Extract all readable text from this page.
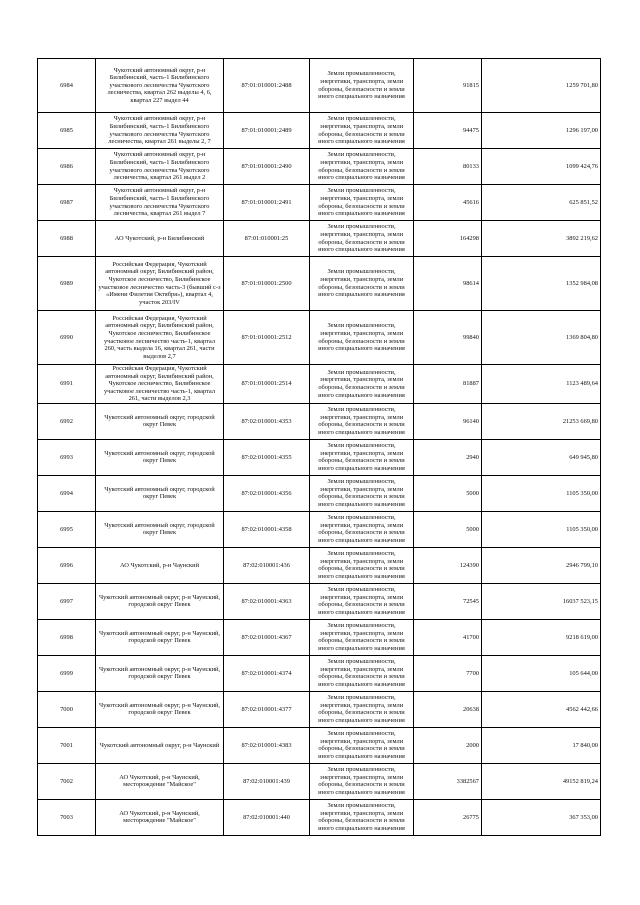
6984	Чукотский автономный округ, р-н Билибинский, часть-1 Билибинского участкового лесничества Чукотского лесничества, квартал 262 выделы 4, 6, квартал 227 выдел 44	87:01:010001:2488	Земли промышленности, энергетики, транспорта, земли обороны, безопасности и земли иного специального назначения	91815	1259 701,80
6985	Чукотский автономный округ, р-н Билибинский, часть-1 Билибинского участкового лесничества Чукотского лесничества, квартал 261 выделы 2, 7	87:01:010001:2489	Земли промышленности, энергетики, транспорта, земли обороны, безопасности и земли иного специального назначения	94475	1296 197,00
6986	Чукотский автономный округ, р-н Билибинский, часть-1 Билибинского участкового лесничества Чукотского лесничества, квартал 261 выдел 2	87:01:010001:2490	Земли промышленности, энергетики, транспорта, земли обороны, безопасности и земли иного специального назначения	80133	1099 424,76
6987	Чукотский автономный округ, р-н Билибинский, часть-1 Билибинского участкового лесничества Чукотского лесничества, квартал 261 выдел 7	87:01:010001:2491	Земли промышленности, энергетики, транспорта, земли обороны, безопасности и земли иного специального назначения	45616	625 851,52
6988	АО Чукотский, р-н Билибинский	87:01:010001:25	Земли промышленности, энергетики, транспорта, земли обороны, безопасности и земли иного специального назначения	164298	3892 219,62
6989	Российская Федерация, Чукотский автономный округ, Билибинский район, Чукотское лесничество, Билибинское участковое лесничество часть-3 (бывший с-з «Имени Филетия Октября»), квартал 4, участок 203/IV	87:01:010001:2500	Земли промышленности, энергетики, транспорта, земли обороны, безопасности и земли иного специального назначения	98614	1352 984,08
6990	Российская Федерация, Чукотский автономный округ, Билибинский район, Чукотское лесничество, Билибинское участковое лесничество часть-1, квартал 260, часть выдела 16, квартал 261, части выделов 2,7	87:01:010001:2512	Земли промышленности, энергетики, транспорта, земли обороны, безопасности и земли иного специального назначения	99840	1369 804,80
6991	Российская Федерация, Чукотский автономный округ, Билибинский район, Чукотское лесничество, Билибинское участковое лесничество часть-1, квартал 261, части выделов 2,3	87:01:010001:2514	Земли промышленности, энергетики, транспорта, земли обороны, безопасности и земли иного специального назначения	81887	1123 489,64
6992	Чукотский автономный округ, городской округ Певек	87:02:010001:4353	Земли промышленности, энергетики, транспорта, земли обороны, безопасности и земли иного специального назначения	96140	21253 669,80
6993	Чукотский автономный округ, городской округ Певек	87:02:010001:4355	Земли промышленности, энергетики, транспорта, земли обороны, безопасности и земли иного специального назначения	2940	649 945,80
6994	Чукотский автономный округ, городской округ Певек	87:02:010001:4356	Земли промышленности, энергетики, транспорта, земли обороны, безопасности и земли иного специального назначения	5000	1105 350,00
6995	Чукотский автономный округ, городской округ Певек	87:02:010001:4358	Земли промышленности, энергетики, транспорта, земли обороны, безопасности и земли иного специального назначения	5000	1105 350,00
6996	АО Чукотский, р-н Чаунский	87:02:010001:436	Земли промышленности, энергетики, транспорта, земли обороны, безопасности и земли иного специального назначения	124390	2946 799,10
6997	Чукотский автономный округ, р-н Чаунский, городской округ Певек	87:02:010001:4363	Земли промышленности, энергетики, транспорта, земли обороны, безопасности и земли иного специального назначения	72545	16037 523,15
6998	Чукотский автономный округ, р-н Чаунский, городской округ Певек	87:02:010001:4367	Земли промышленности, энергетики, транспорта, земли обороны, безопасности и земли иного специального назначения	41700	9218 619,00
6999	Чукотский автономный округ, р-н Чаунский, городской округ Певек	87:02:010001:4374	Земли промышленности, энергетики, транспорта, земли обороны, безопасности и земли иного специального назначения	7700	105 644,00
7000	Чукотский автономный округ, р-н Чаунский, городской округ Певек	87:02:010001:4377	Земли промышленности, энергетики, транспорта, земли обороны, безопасности и земли иного специального назначения	20638	4562 442,66
7001	Чукотский автономный округ, р-н Чаунский	87:02:010001:4383	Земли промышленности, энергетики, транспорта, земли обороны, безопасности и земли иного специального назначения	2000	17 840,00
7002	АО Чукотский, р-н Чаунский, месторождение "Майское"	87:02:010001:439	Земли промышленности, энергетики, транспорта, земли обороны, безопасности и земли иного специального назначения	3382567	49152 819,24
7003	АО Чукотский, р-н Чаунский, месторождение "Майское"	87:02:010001:440	Земли промышленности, энергетики, транспорта, земли обороны, безопасности и земли иного специального назначения	26775	367 353,00
